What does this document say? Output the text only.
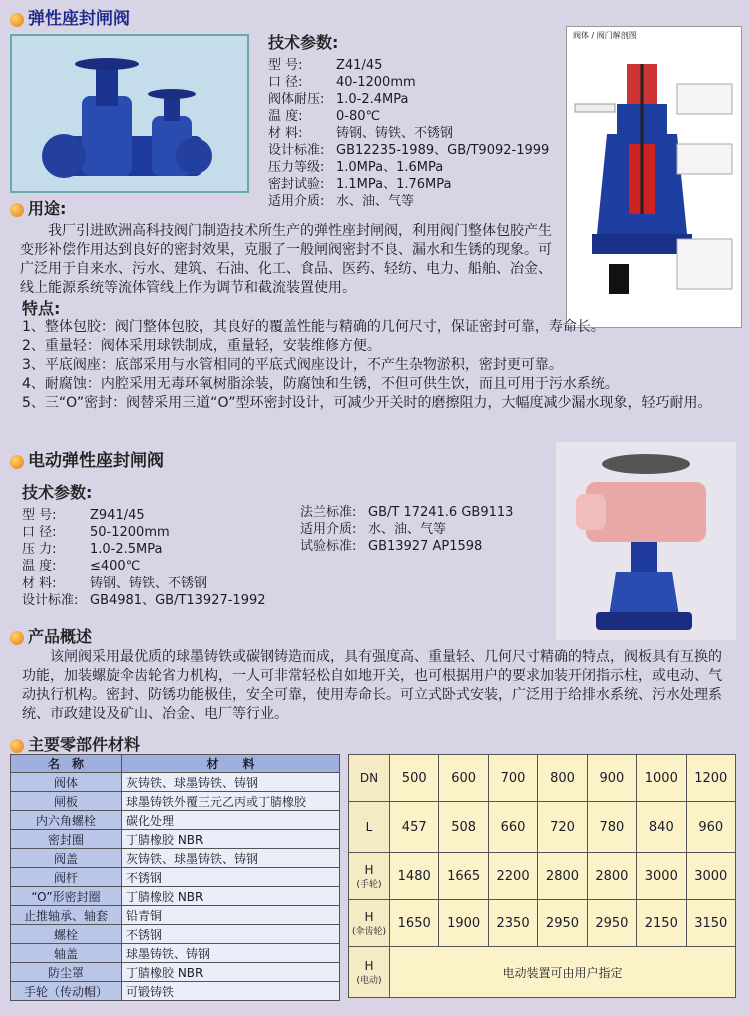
弹性座封闸阀
技术参数:
型 号:	Z41/45
口 径:	40-1200mm
阀体耐压: 1.0-2.4MPa
温 度:	0-80℃
材 料:	铸钢、铸铁、不锈钢
设计标准: GB12235-1989、GB/T9092-1999
压力等级: 1.0MPa、1.6MPa
密封试验: 1.1MPa、1.76MPa
适用介质: 水、油、气等
阀体 / 阀门解剖图
用途:
我厂引进欧洲高科技阀门制造技术所生产的弹性座封闸阀，利用阀门整体包胶产生变形补偿作用达到良好的密封效果，克服了一般闸阀密封不良、漏水和生锈的现象。可广泛用于自来水、污水、建筑、石油、化工、食品、医药、轻纺、电力、船舶、冶金、线上能源系统等流体管线上作为调节和截流装置使用。
特点:
1、整体包胶：阀门整体包胶，其良好的覆盖性能与精确的几何尺寸，保证密封可靠，寿命长。
2、重量轻：阀体采用球铁制成，重量轻，安装维修方便。
3、平底阀座：底部采用与水管相同的平底式阀座设计，不产生杂物淤积，密封更可靠。
4、耐腐蚀：内腔采用无毒环氧树脂涂装，防腐蚀和生锈，不但可供生饮，而且可用于污水系统。
5、三“O”密封：阀替采用三道“O”型环密封设计，可减少开关时的磨擦阻力，大幅度减少漏水现象，轻巧耐用。
电动弹性座封闸阀
技术参数:
型 号:	Z941/45
口 径:	50-1200mm
压 力:	1.0-2.5MPa
温 度:	≤400℃
材 料:	铸钢、铸铁、不锈钢
设计标准: GB4981、GB/T13927-1992
法兰标准: GB/T 17241.6 GB9113
适用介质: 水、油、气等
试验标准: GB13927 AP1598
产品概述
该闸阀采用最优质的球墨铸铁或碳钢铸造而成，具有强度高、重量轻、几何尺寸精确的特点，阀板具有互换的功能，加装螺旋伞齿轮省力机构，一人可非常轻松自如地开关，也可根据用户的要求加装开闭指示柱，或电动、气动执行机构。密封、防锈功能极佳，安全可靠，使用寿命长。可立式卧式安装，广泛用于给排水系统、污水处理系统、市政建设及矿山、冶金、电厂等行业。
主要零部件材料
名　称	材　　料
阀体	灰铸铁、球墨铸铁、铸钢
闸板	球墨铸铁外覆三元乙丙或丁腈橡胶
内六角螺栓	碳化处理
密封圈	丁腈橡胶 NBR
阀盖	灰铸铁、球墨铸铁、铸钢
阀杆	不锈钢
“O”形密封圈	丁腈橡胶 NBR
止推轴承、轴套	铅青铜
螺栓	不锈钢
轴盖	球墨铸铁、铸钢
防尘罩	丁腈橡胶 NBR
手轮（传动帽）	可锻铸铁
DN	500	600	700	800	900	1000	1200

L	457	508	660	720	780	840	960

H
(手轮)	1480	1665	2200	2800	2800	3000	3000

H
(伞齿轮)	1650	1900	2350	2950	2950	2150	3150

H
(电动)	电动装置可由用户指定						
